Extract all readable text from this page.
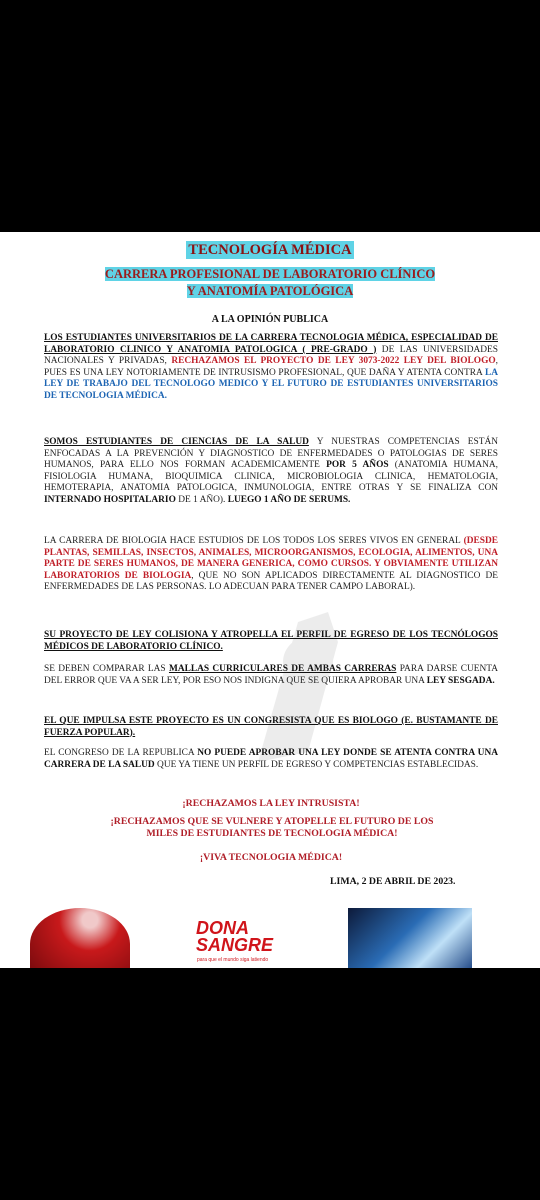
TECNOLOGÍA MÉDICA
CARRERA PROFESIONAL DE LABORATORIO CLÍNICO
Y ANATOMÍA PATOLÓGICA
A LA OPINIÓN PUBLICA
LOS ESTUDIANTES UNIVERSITARIOS DE LA CARRERA TECNOLOGIA MÉDICA, ESPECIALIDAD DE LABORATORIO CLINICO Y ANATOMIA PATOLOGICA ( PRE-GRADO ) DE LAS UNIVERSIDADES NACIONALES Y PRIVADAS, RECHAZAMOS EL PROYECTO DE LEY 3073-2022 LEY DEL BIOLOGO, PUES ES UNA LEY NOTORIAMENTE DE INTRUSISMO PROFESIONAL, QUE DAÑA Y ATENTA CONTRA LA LEY DE TRABAJO DEL TECNOLOGO MEDICO Y EL FUTURO DE ESTUDIANTES UNIVERSITARIOS DE TECNOLOGIA MÉDICA.
SOMOS ESTUDIANTES DE CIENCIAS DE LA SALUD Y NUESTRAS COMPETENCIAS ESTÁN ENFOCADAS A LA PREVENCIÓN Y DIAGNOSTICO DE ENFERMEDADES O PATOLOGIAS DE SERES HUMANOS, PARA ELLO NOS FORMAN ACADEMICAMENTE POR 5 AÑOS (ANATOMIA HUMANA, FISIOLOGIA HUMANA, BIOQUIMICA CLINICA, MICROBIOLOGIA CLINICA, HEMATOLOGIA, HEMOTERAPIA, ANATOMIA PATOLOGICA, INMUNOLOGIA, ENTRE OTRAS Y SE FINALIZA CON INTERNADO HOSPITALARIO DE 1 AÑO). LUEGO 1 AÑO DE SERUMS.
LA CARRERA DE BIOLOGIA HACE ESTUDIOS DE LOS TODOS LOS SERES VIVOS EN GENERAL (DESDE PLANTAS, SEMILLAS, INSECTOS, ANIMALES, MICROORGANISMOS, ECOLOGIA, ALIMENTOS, UNA PARTE DE SERES HUMANOS, DE MANERA GENERICA, COMO CURSOS. Y OBVIAMENTE UTILIZAN LABORATORIOS DE BIOLOGIA, QUE NO SON APLICADOS DIRECTAMENTE AL DIAGNOSTICO DE ENFERMEDADES DE LAS PERSONAS. LO ADECUAN PARA TENER CAMPO LABORAL).
SU PROYECTO DE LEY COLISIONA Y ATROPELLA EL PERFIL DE EGRESO DE LOS TECNÓLOGOS MÉDICOS DE LABORATORIO CLÍNICO.
SE DEBEN COMPARAR LAS MALLAS CURRICULARES DE AMBAS CARRERAS PARA DARSE CUENTA DEL ERROR QUE VA A SER LEY, POR ESO NOS INDIGNA QUE SE QUIERA APROBAR UNA LEY SESGADA.
EL QUE IMPULSA ESTE PROYECTO ES UN CONGRESISTA QUE ES BIOLOGO (E. BUSTAMANTE DE FUERZA POPULAR).
EL CONGRESO DE LA REPUBLICA NO PUEDE APROBAR UNA LEY DONDE SE ATENTA CONTRA UNA CARRERA DE LA SALUD QUE YA TIENE UN PERFIL DE EGRESO Y COMPETENCIAS ESTABLECIDAS.
¡RECHAZAMOS LA LEY INTRUSISTA!
¡RECHAZAMOS QUE SE VULNERE Y ATOPELLE EL FUTURO DE LOS MILES DE ESTUDIANTES DE TECNOLOGIA MÉDICA!
¡VIVA TECNOLOGIA MÉDICA!
LIMA, 2 DE ABRIL DE 2023.
DONA
SANGRE
para que el mundo siga latiendo
